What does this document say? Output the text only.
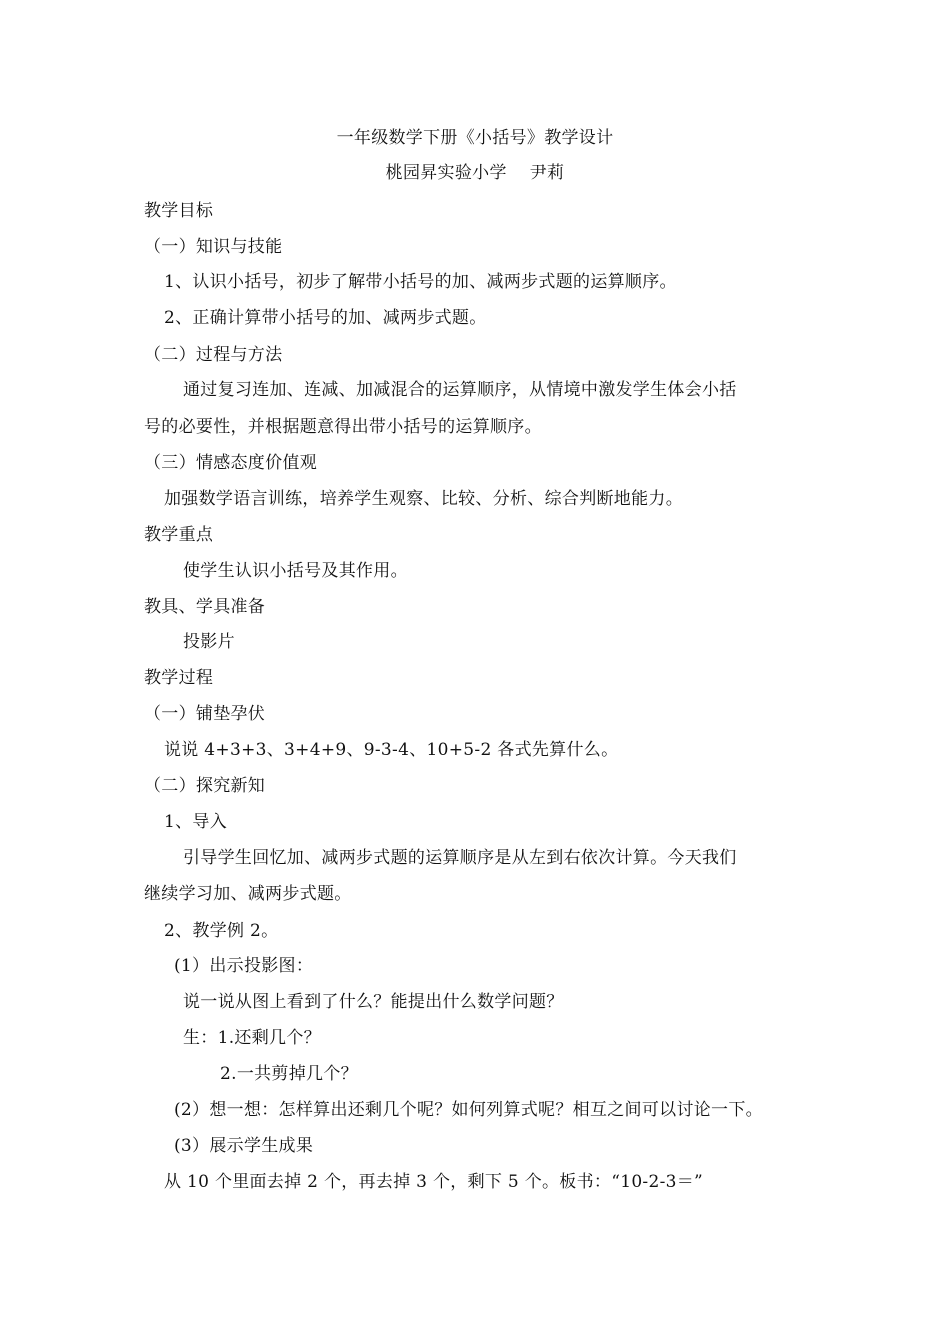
一年级数学下册《小括号》教学设计
桃园昇实验小学　 尹莉
教学目标
（一）知识与技能
1、认识小括号，初步了解带小括号的加、减两步式题的运算顺序。
2、正确计算带小括号的加、减两步式题。
（二）过程与方法
通过复习连加、连减、加减混合的运算顺序，从情境中激发学生体会小括
号的必要性，并根据题意得出带小括号的运算顺序。
（三）情感态度价值观
加强数学语言训练，培养学生观察、比较、分析、综合判断地能力。
教学重点
使学生认识小括号及其作用。
教具、学具准备
投影片
教学过程
（一）铺垫孕伏
说说 4+3+3、3+4+9、9-3-4、10+5-2 各式先算什么。
（二）探究新知
1、导入
引导学生回忆加、减两步式题的运算顺序是从左到右依次计算。今天我们
继续学习加、减两步式题。
2、教学例 2。
(1）出示投影图：
说一说从图上看到了什么？能提出什么数学问题？
生：1.还剩几个？
2.一共剪掉几个？
(2）想一想：怎样算出还剩几个呢？如何列算式呢？相互之间可以讨论一下。
(3）展示学生成果
从 10 个里面去掉 2 个，再去掉 3 个，剩下 5 个。板书：“10-2-3＝”
